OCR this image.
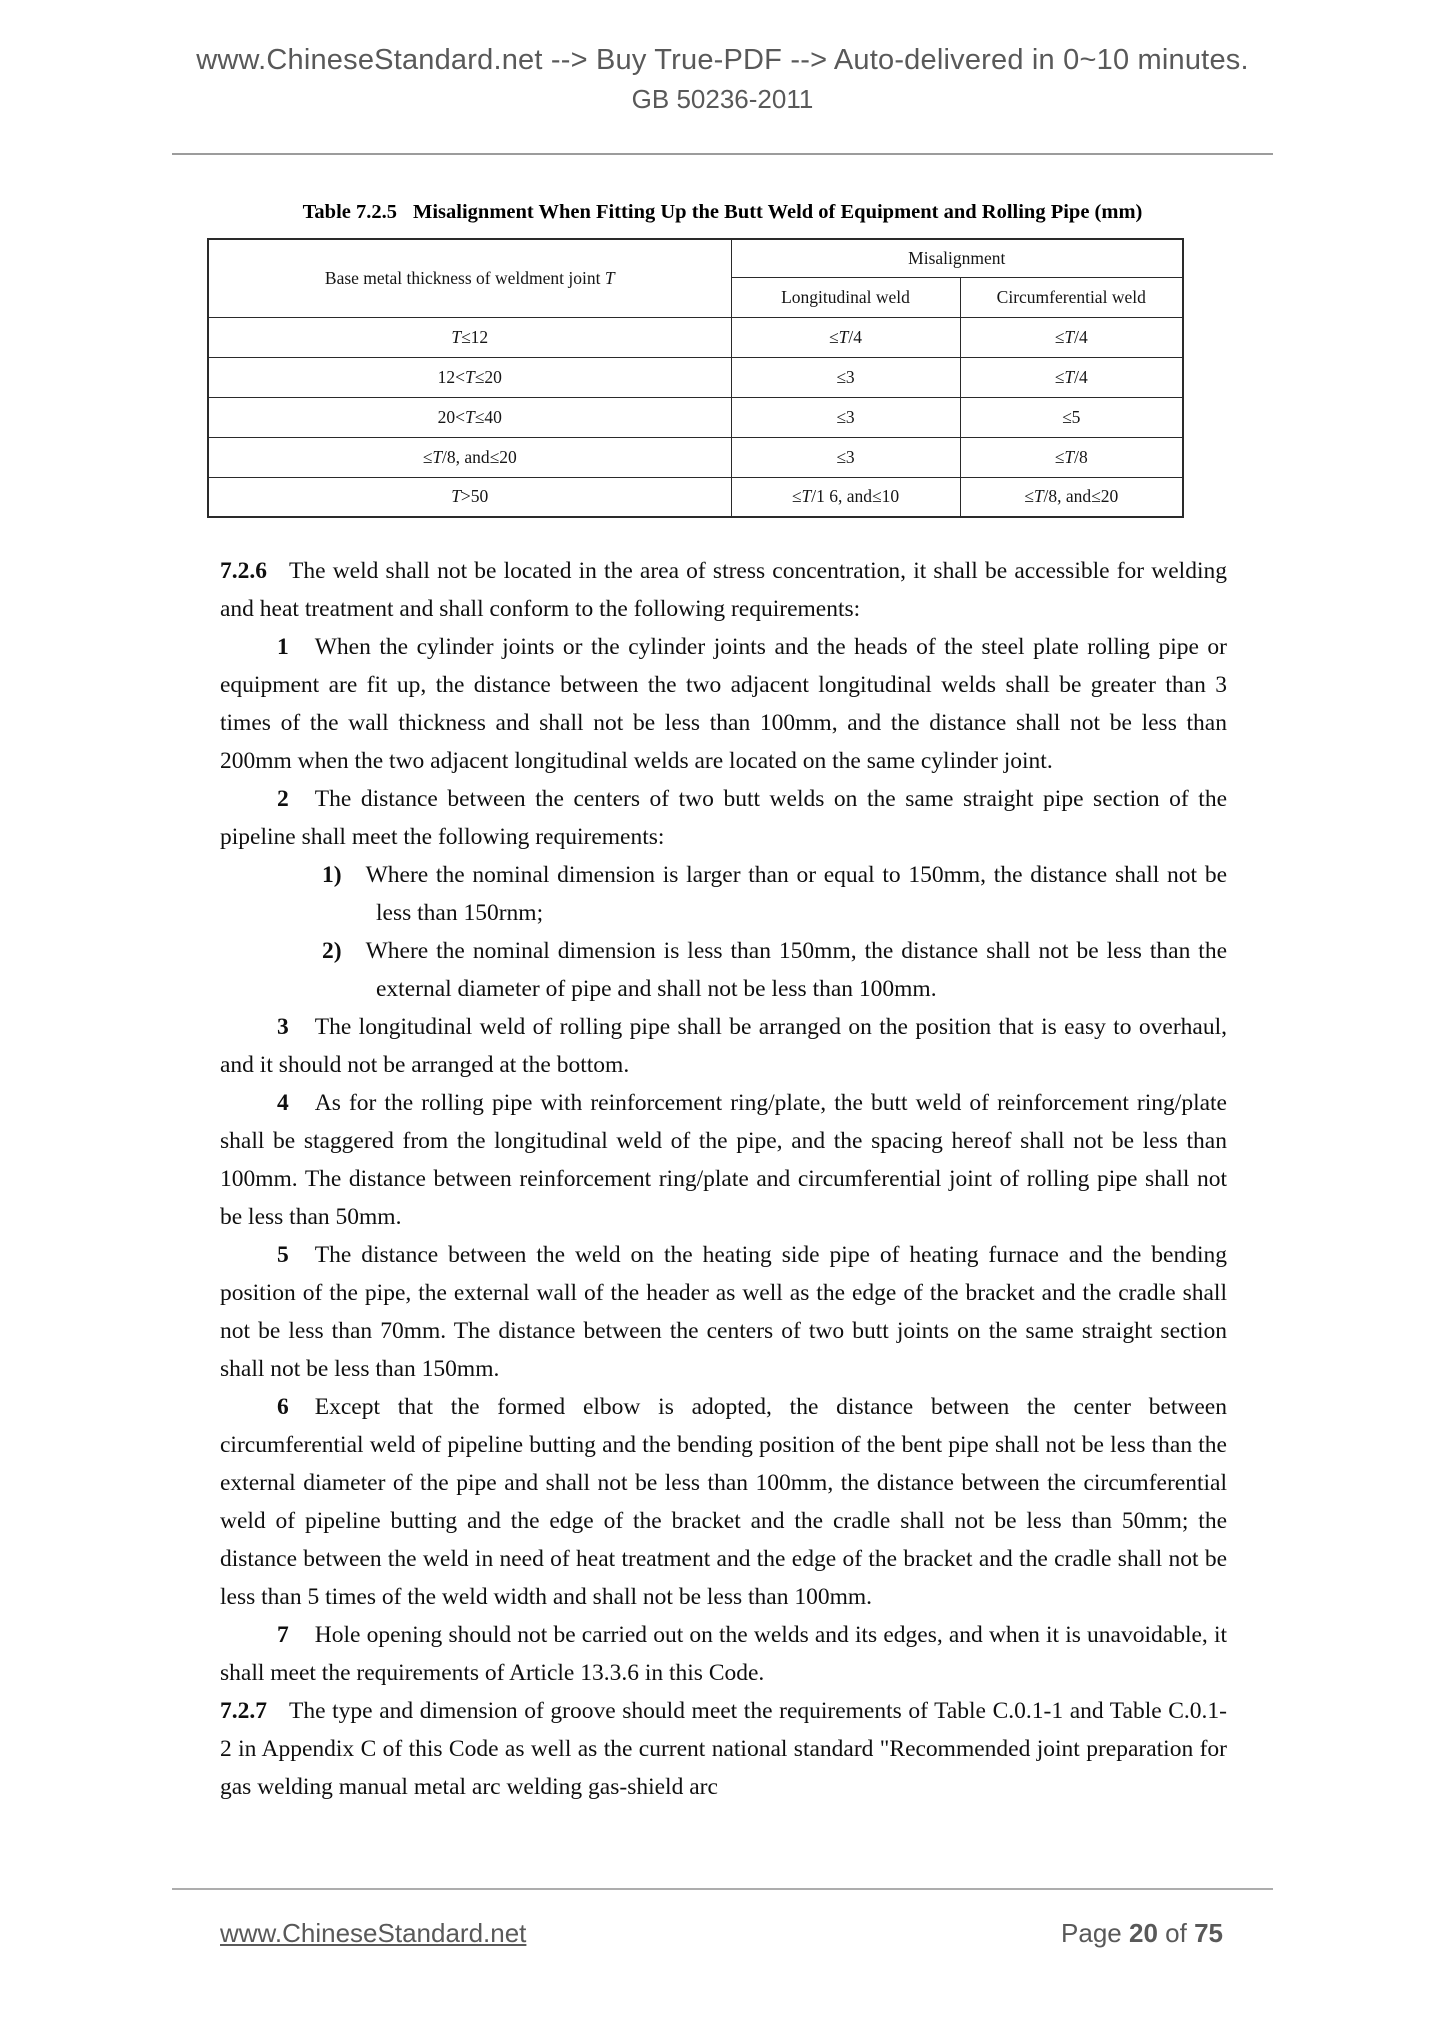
www.ChineseStandard.net --> Buy True-PDF --> Auto-delivered in 0~10 minutes.
GB 50236-2011
Table 7.2.5 Misalignment When Fitting Up the Butt Weld of Equipment and Rolling Pipe (mm)
Base metal thickness of weldment joint T	Misalignment	
	Longitudinal weld	Circumferential weld
T≤12	≤T/4	≤T/4
12<T≤20	≤3	≤T/4
20<T≤40	≤3	≤5
≤T/8, and≤20	≤3	≤T/8
T>50	≤T/1 6, and≤10	≤T/8, and≤20

7.2.6 The weld shall not be located in the area of stress concentration, it shall be accessible for welding and heat treatment and shall conform to the following requirements:

1 When the cylinder joints or the cylinder joints and the heads of the steel plate rolling pipe or equipment are fit up, the distance between the two adjacent longitudinal welds shall be greater than 3 times of the wall thickness and shall not be less than 100mm, and the distance shall not be less than 200mm when the two adjacent longitudinal welds are located on the same cylinder joint.

2 The distance between the centers of two butt welds on the same straight pipe section of the pipeline shall meet the following requirements:

1) Where the nominal dimension is larger than or equal to 150mm, the distance shall not be less than 150rnm;

2) Where the nominal dimension is less than 150mm, the distance shall not be less than the external diameter of pipe and shall not be less than 100mm.

3 The longitudinal weld of rolling pipe shall be arranged on the position that is easy to overhaul, and it should not be arranged at the bottom.

4 As for the rolling pipe with reinforcement ring/plate, the butt weld of reinforcement ring/plate shall be staggered from the longitudinal weld of the pipe, and the spacing hereof shall not be less than 100mm. The distance between reinforcement ring/plate and circumferential joint of rolling pipe shall not be less than 50mm.

5 The distance between the weld on the heating side pipe of heating furnace and the bending position of the pipe, the external wall of the header as well as the edge of the bracket and the cradle shall not be less than 70mm. The distance between the centers of two butt joints on the same straight section shall not be less than 150mm.

6 Except that the formed elbow is adopted, the distance between the center between circumferential weld of pipeline butting and the bending position of the bent pipe shall not be less than the external diameter of the pipe and shall not be less than 100mm, the distance between the circumferential weld of pipeline butting and the edge of the bracket and the cradle shall not be less than 50mm; the distance between the weld in need of heat treatment and the edge of the bracket and the cradle shall not be less than 5 times of the weld width and shall not be less than 100mm.

7 Hole opening should not be carried out on the welds and its edges, and when it is unavoidable, it shall meet the requirements of Article 13.3.6 in this Code.

7.2.7 The type and dimension of groove should meet the requirements of Table C.0.1-1 and Table C.0.1-2 in Appendix C of this Code as well as the current national standard "Recommended joint preparation for gas welding manual metal arc welding gas-shield arc

www.ChineseStandard.net	Page 20 of 75
